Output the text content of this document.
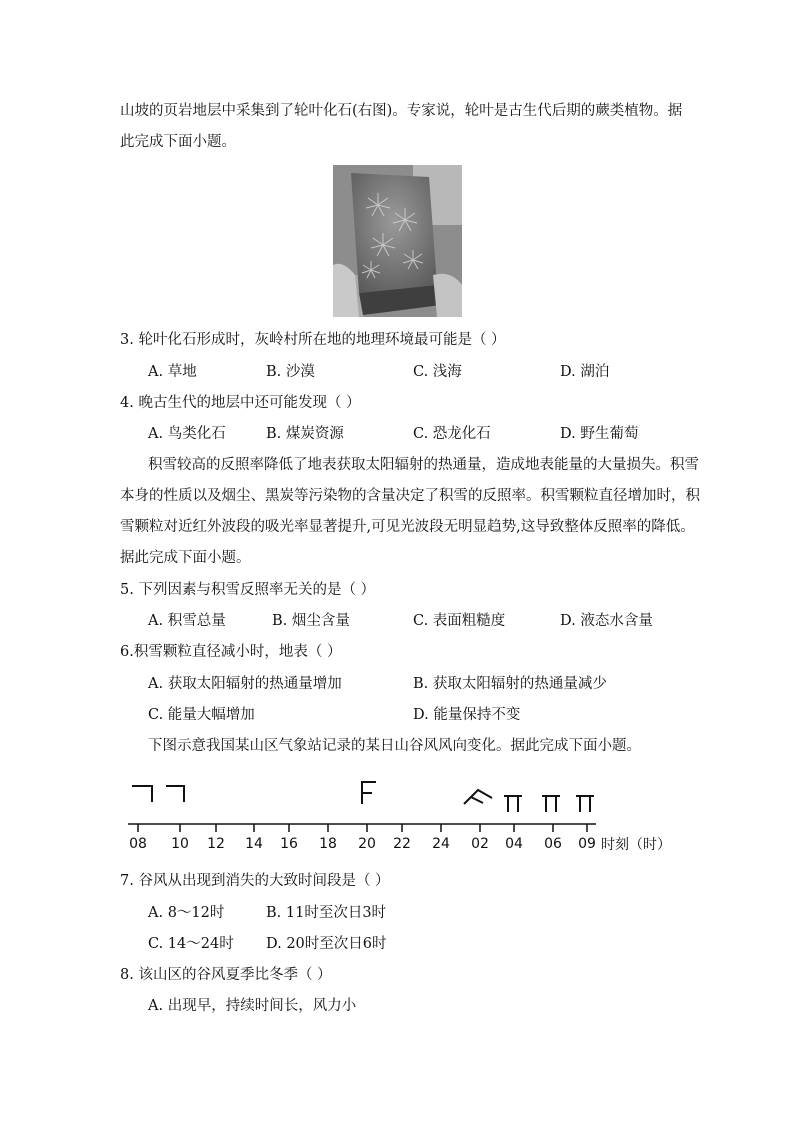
山坡的页岩地层中采集到了轮叶化石(右图)。专家说，轮叶是古生代后期的蕨类植物。据
此完成下面小题。
3. 轮叶化石形成时，灰岭村所在地的地理环境最可能是（ ）
A. 草地	B. 沙漠	C. 浅海	D. 湖泊
4. 晚古生代的地层中还可能发现（ ）
A. 鸟类化石	B. 煤炭资源	C. 恐龙化石	D. 野生葡萄
积雪较高的反照率降低了地表获取太阳辐射的热通量，造成地表能量的大量损失。积雪
本身的性质以及烟尘、黑炭等污染物的含量决定了积雪的反照率。积雪颗粒直径增加时，积
雪颗粒对近红外波段的吸光率显著提升,可见光波段无明显趋势,这导致整体反照率的降低。
据此完成下面小题。
5. 下列因素与积雪反照率无关的是（ ）
A. 积雪总量	B. 烟尘含量	C. 表面粗糙度	D. 液态水含量
6.积雪颗粒直径减小时，地表（ ）
A. 获取太阳辐射的热通量增加	B. 获取太阳辐射的热通量减少
C. 能量大幅增加	D. 能量保持不变
下图示意我国某山区气象站记录的某日山谷风风向变化。据此完成下面小题。
08 10 12 14 16 18 20 22 24 02 04 06 09 时刻（时）
7. 谷风从出现到消失的大致时间段是（ ）
A. 8～12时	B. 11时至次日3时
C. 14～24时 D. 20时至次日6时
8. 该山区的谷风夏季比冬季（ ）
A. 出现早，持续时间长，风力小
